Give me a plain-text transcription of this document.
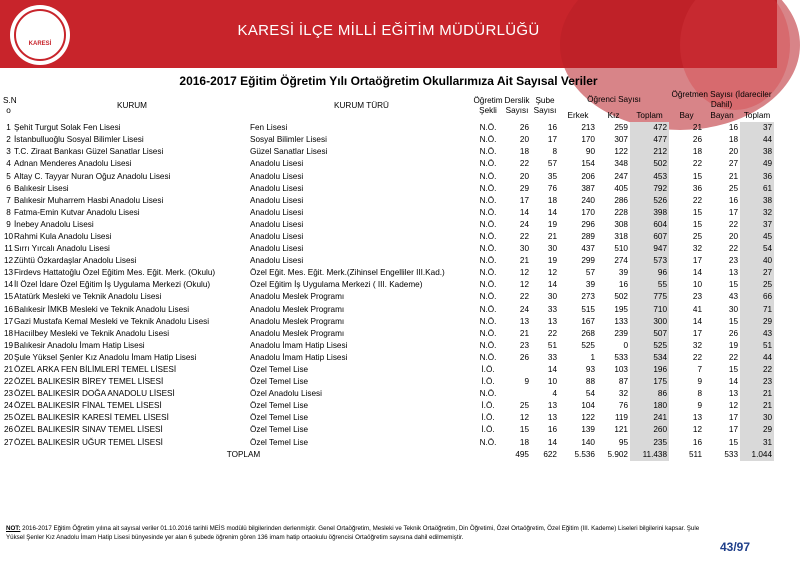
KARESİ
KARESİ İLÇE MİLLİ EĞİTİM MÜDÜRLÜĞÜ
2016-2017 Eğitim Öğretim Yılı Ortaöğretim Okullarımıza Ait Sayısal Veriler
S.N o	KURUM	KURUM TÜRÜ	Öğretim Şekli	Derslik Sayısı	Şube Sayısı	Öğrenci Sayısı			Öğretmen Sayısı (İdareciler Dahil)		
						Erkek	Kız	Toplam	Bay	Bayan	Toplam
1	Şehit Turgut Solak Fen Lisesi	Fen Lisesi	N.Ö.	26	16	213	259	472	21	16	37
2	İstanbulluoğlu Sosyal Bilimler Lisesi	Sosyal Bilimler Lisesi	N.Ö.	20	17	170	307	477	26	18	44
3	T.C. Ziraat Bankası Güzel Sanatlar Lisesi	Güzel Sanatlar Lisesi	N.Ö.	18	8	90	122	212	18	20	38
4	Adnan Menderes Anadolu Lisesi	Anadolu Lisesi	N.Ö.	22	57	154	348	502	22	27	49
5	Altay C. Tayyar Nuran Oğuz Anadolu Lisesi	Anadolu Lisesi	N.Ö.	20	35	206	247	453	15	21	36
6	Balıkesir Lisesi	Anadolu Lisesi	N.Ö.	29	76	387	405	792	36	25	61
7	Balıkesir Muharrem Hasbi Anadolu Lisesi	Anadolu Lisesi	N.Ö.	17	18	240	286	526	22	16	38
8	Fatma-Emin Kutvar Anadolu Lisesi	Anadolu Lisesi	N.Ö.	14	14	170	228	398	15	17	32
9	İnebey Anadolu Lisesi	Anadolu Lisesi	N.Ö.	24	19	296	308	604	15	22	37
10	Rahmi Kula Anadolu Lisesi	Anadolu Lisesi	N.Ö.	22	21	289	318	607	25	20	45
11	Sırrı Yırcalı Anadolu Lisesi	Anadolu Lisesi	N.Ö.	30	30	437	510	947	32	22	54
12	Zühtü Özkardaşlar Anadolu Lisesi	Anadolu Lisesi	N.Ö.	21	19	299	274	573	17	23	40
13	Firdevs Hattatoğlu Özel Eğitim Mes. Eğit. Merk. (Okulu)	Özel Eğit. Mes. Eğit. Merk.(Zihinsel Engelliler III.Kad.)	N.Ö.	12	12	57	39	96	14	13	27
14	İl Özel İdare Özel Eğitim İş Uygulama Merkezi (Okulu)	Özel Eğitim İş Uygulama Merkezi ( III. Kademe)	N.Ö.	12	14	39	16	55	10	15	25
15	Atatürk Mesleki ve Teknik Anadolu Lisesi	Anadolu Meslek Programı	N.Ö.	22	30	273	502	775	23	43	66
16	Balıkesir İMKB Mesleki ve Teknik Anadolu Lisesi	Anadolu Meslek Programı	N.Ö.	24	33	515	195	710	41	30	71
17	Gazi Mustafa Kemal Mesleki ve Teknik Anadolu Lisesi	Anadolu Meslek Programı	N.Ö.	13	13	167	133	300	14	15	29
18	Hacıilbey Mesleki ve Teknik Anadolu Lisesi	Anadolu Meslek Programı	N.Ö.	21	22	268	239	507	17	26	43
19	Balıkesir Anadolu İmam Hatip Lisesi	Anadolu İmam Hatip Lisesi	N.Ö.	23	51	525	0	525	32	19	51
20	Şule Yüksel Şenler Kız Anadolu İmam Hatip Lisesi	Anadolu İmam Hatip Lisesi	N.Ö.	26	33	1	533	534	22	22	44
21	ÖZEL ARKA FEN BİLİMLERİ TEMEL LİSESİ	Özel Temel Lise	İ.Ö.		14	93	103	196	7	15	22
22	ÖZEL BALIKESİR BİREY TEMEL LİSESİ	Özel Temel Lise	İ.Ö.	9	10	88	87	175	9	14	23
23	ÖZEL BALIKESİR DOĞA ANADOLU LİSESİ	Özel Anadolu Lisesi	N.Ö.		4	54	32	86	8	13	21
24	ÖZEL BALIKESİR FİNAL TEMEL LİSESİ	Özel Temel Lise	İ.Ö.	25	13	104	76	180	9	12	21
25	ÖZEL BALIKESİR KARESİ TEMEL LİSESİ	Özel Temel Lise	İ.Ö.	12	13	122	119	241	13	17	30
26	ÖZEL BALIKESİR SINAV TEMEL LİSESİ	Özel Temel Lise	İ.Ö.	15	16	139	121	260	12	17	29
27	ÖZEL BALIKESİR UĞUR TEMEL LİSESİ	Özel Temel Lise	N.Ö.	18	14	140	95	235	16	15	31
	TOPLAM			495	622	5.536	5.902	11.438	511	533	1.044
NOT: 2016-2017 Eğitim Öğretim yılına ait sayısal veriler 01.10.2016 tarihli MEİS modülü bilgilerinden derlenmiştir. Genel Ortaöğretim, Mesleki ve Teknik Ortaöğretim, Din Öğretimi, Özel Ortaöğretim, Özel Eğitim (III. Kademe) Liseleri bilgilerini kapsar. Şule Yüksel Şenler Kız Anadolu İmam Hatip Lisesi bünyesinde yer alan 6 şubede öğrenim gören 136 imam hatip ortaokulu öğrencisi Ortaöğretim sayısına dahil edilmemiştir.
43/97
